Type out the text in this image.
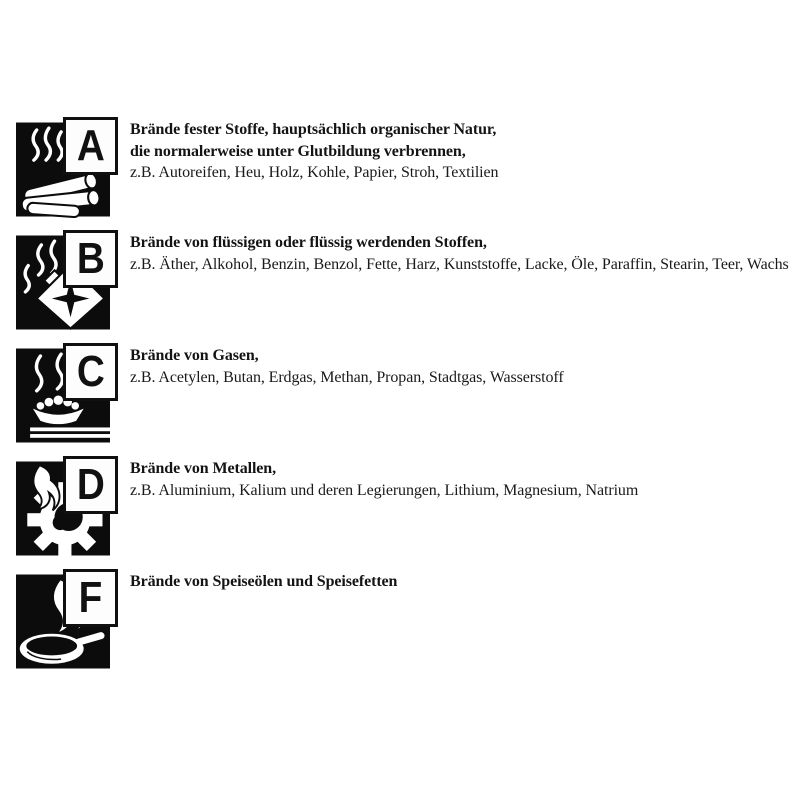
A Brände fester Stoffe, hauptsächlich organischer Natur,
die normalerweise unter Glutbildung verbrennen,
z.B. Autoreifen, Heu, Holz, Kohle, Papier, Stroh, Textilien
B Brände von flüssigen oder flüssig werdenden Stoffen,
z.B. Äther, Alkohol, Benzin, Benzol, Fette, Harz, Kunststoffe, Lacke, Öle, Paraffin, Stearin, Teer, Wachs
C Brände von Gasen,
z.B. Acetylen, Butan, Erdgas, Methan, Propan, Stadtgas, Wasserstoff
D Brände von Metallen,
z.B. Aluminium, Kalium und deren Legierungen, Lithium, Magnesium, Natrium
F Brände von Speiseölen und Speisefetten
